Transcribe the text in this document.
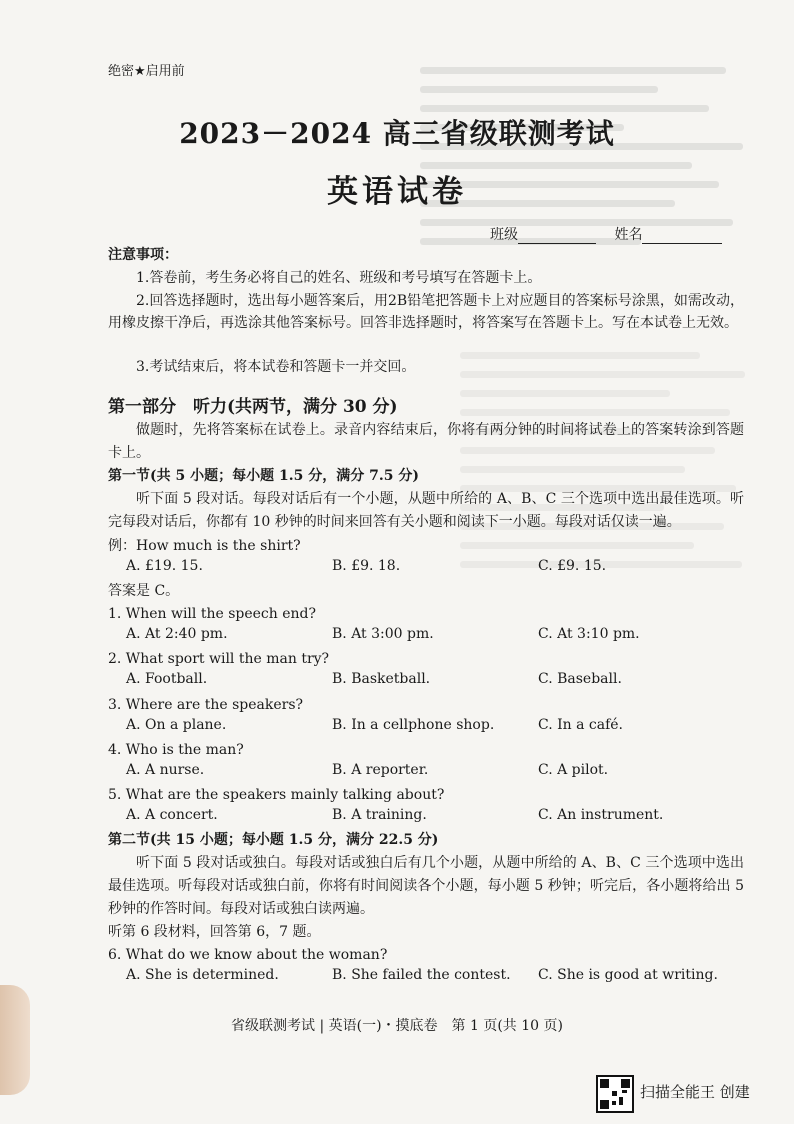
绝密★启用前
2023－2024 高三省级联测考试
英语试卷
班级	姓名
注意事项：
1.答卷前，考生务必将自己的姓名、班级和考号填写在答题卡上。
2.回答选择题时，选出每小题答案后，用2B铅笔把答题卡上对应题目的答案标号涂黑，如需改动，用橡皮擦干净后，再选涂其他答案标号。回答非选择题时，将答案写在答题卡上。写在本试卷上无效。
3.考试结束后，将本试卷和答题卡一并交回。
第一部分　听力(共两节，满分 30 分)
做题时，先将答案标在试卷上。录音内容结束后，你将有两分钟的时间将试卷上的答案转涂到答题卡上。
第一节(共 5 小题；每小题 1.5 分，满分 7.5 分)
听下面 5 段对话。每段对话后有一个小题，从题中所给的 A、B、C 三个选项中选出最佳选项。听完每段对话后，你都有 10 秒钟的时间来回答有关小题和阅读下一小题。每段对话仅读一遍。
例：How much is the shirt?
A. £19. 15.	B. £9. 18.	C. £9. 15.
答案是 C。
1. When will the speech end?
A. At 2:40 pm.	B. At 3:00 pm.	C. At 3:10 pm.
2. What sport will the man try?
A. Football.	B. Basketball.	C. Baseball.
3. Where are the speakers?
A. On a plane.	B. In a cellphone shop.	C. In a café.
4. Who is the man?
A. A nurse.	B. A reporter.	C. A pilot.
5. What are the speakers mainly talking about?
A. A concert.	B. A training.	C. An instrument.
第二节(共 15 小题；每小题 1.5 分，满分 22.5 分)
听下面 5 段对话或独白。每段对话或独白后有几个小题，从题中所给的 A、B、C 三个选项中选出最佳选项。听每段对话或独白前，你将有时间阅读各个小题，每小题 5 秒钟；听完后，各小题将给出 5 秒钟的作答时间。每段对话或独白读两遍。
听第 6 段材料，回答第 6，7 题。
6. What do we know about the woman?
A. She is determined.	B. She failed the contest. C. She is good at writing.
省级联测考试 | 英语(一)・摸底卷　第 1 页(共 10 页)
扫描全能王 创建
